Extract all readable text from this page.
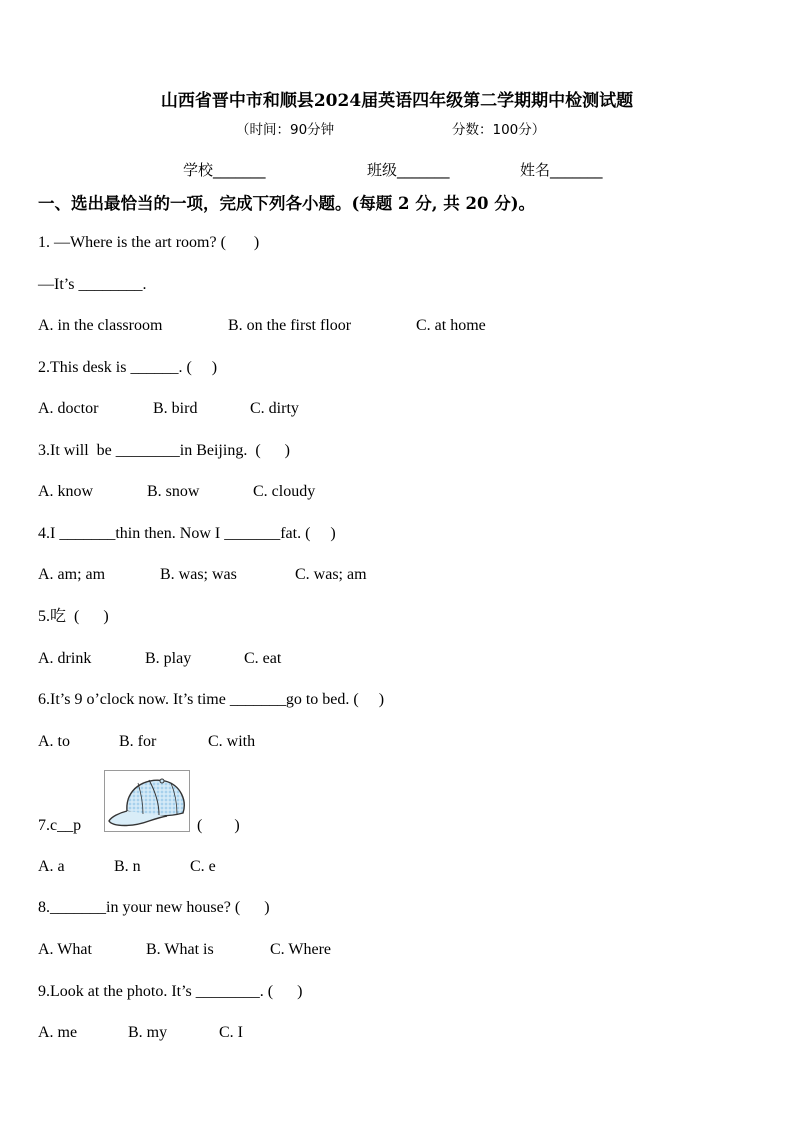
山西省晋中市和顺县2024届英语四年级第二学期期中检测试题
（时间：90分钟	分数：100分）
学校_______	班级_______	姓名_______
一、选出最恰当的一项，完成下列各小题。(每题 2 分, 共 20 分)。
1. —Where is the art room? (       )
—It’s ________.
A. in the classroom	B. on the first floor	C. at home
2.This desk is ______. (     )
A. doctor	B. bird	C. dirty
3.It will  be ________in Beijing.  (      )
A. know	B. snow	C. cloudy
4.I _______thin then. Now I _______fat. (     )
A. am; am	B. was; was	C. was; am
5.吃  (      )
A. drink	B. play	C. eat
6.It’s 9 o’clock now. It’s time _______go to bed. (     )
A. to	B. for	C. with
7.c__p	(        )
A. a	B. n	C. e
8._______in your new house? (      )
A. What	B. What is	C. Where
9.Look at the photo. It’s ________. (      )
A. me	B. my	C. I
